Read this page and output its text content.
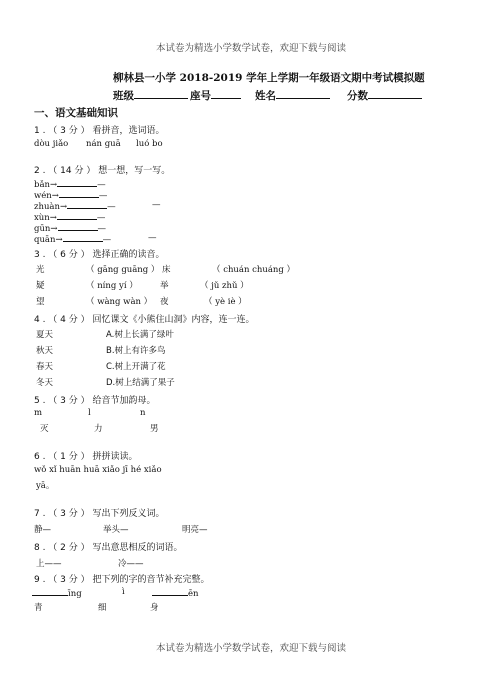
本试卷为精选小学数学试卷，欢迎下载与阅读
柳林县一小学 2018-2019 学年上学期一年级语文期中考试模拟题
班级	座号	姓名	分数
一、语文基础知识
1 . （ 3 分 ） 看拼音，选词语。
dòu jiǎo nán guā luó bo
2 . （ 14 分 ） 想一想，写一写。
bǎn→	—
wén→	—
zhuàn→	—	—
xùn→	—
gūn→	—
quān→	—	—
3 . （ 6 分 ） 选择正确的读音。
光	（ gāng guāng ） 床	（ chuán chuáng ）
疑	（ níng yí ）	举	（ jǔ zhǔ ）
望	（ wàng wàn ） 夜	（ yè iè ）
4 . （ 4 分 ） 回忆课文《小熊住山洞》内容，连一连。
夏天	A.树上长满了绿叶
秋天	B.树上有许多鸟
春天	C.树上开满了花
冬天	D.树上结满了果子
5 . （ 3 分 ） 给音节加韵母。
m	l	n
灭	力	男
6 . （ 1 分 ） 拼拼读读。
wǒ xǐ huān huā xiǎo jī hé xiǎo
yā。
7 . （ 3 分 ） 写出下列反义词。
静—	举头—	明亮—
8 . （ 2 分 ） 写出意思相反的词语。
上——	冷——
9 . （ 3 分 ） 把下列的字的音节补充完整。
īng	ì	ēn
青	细	身
本试卷为精选小学数学试卷，欢迎下载与阅读
